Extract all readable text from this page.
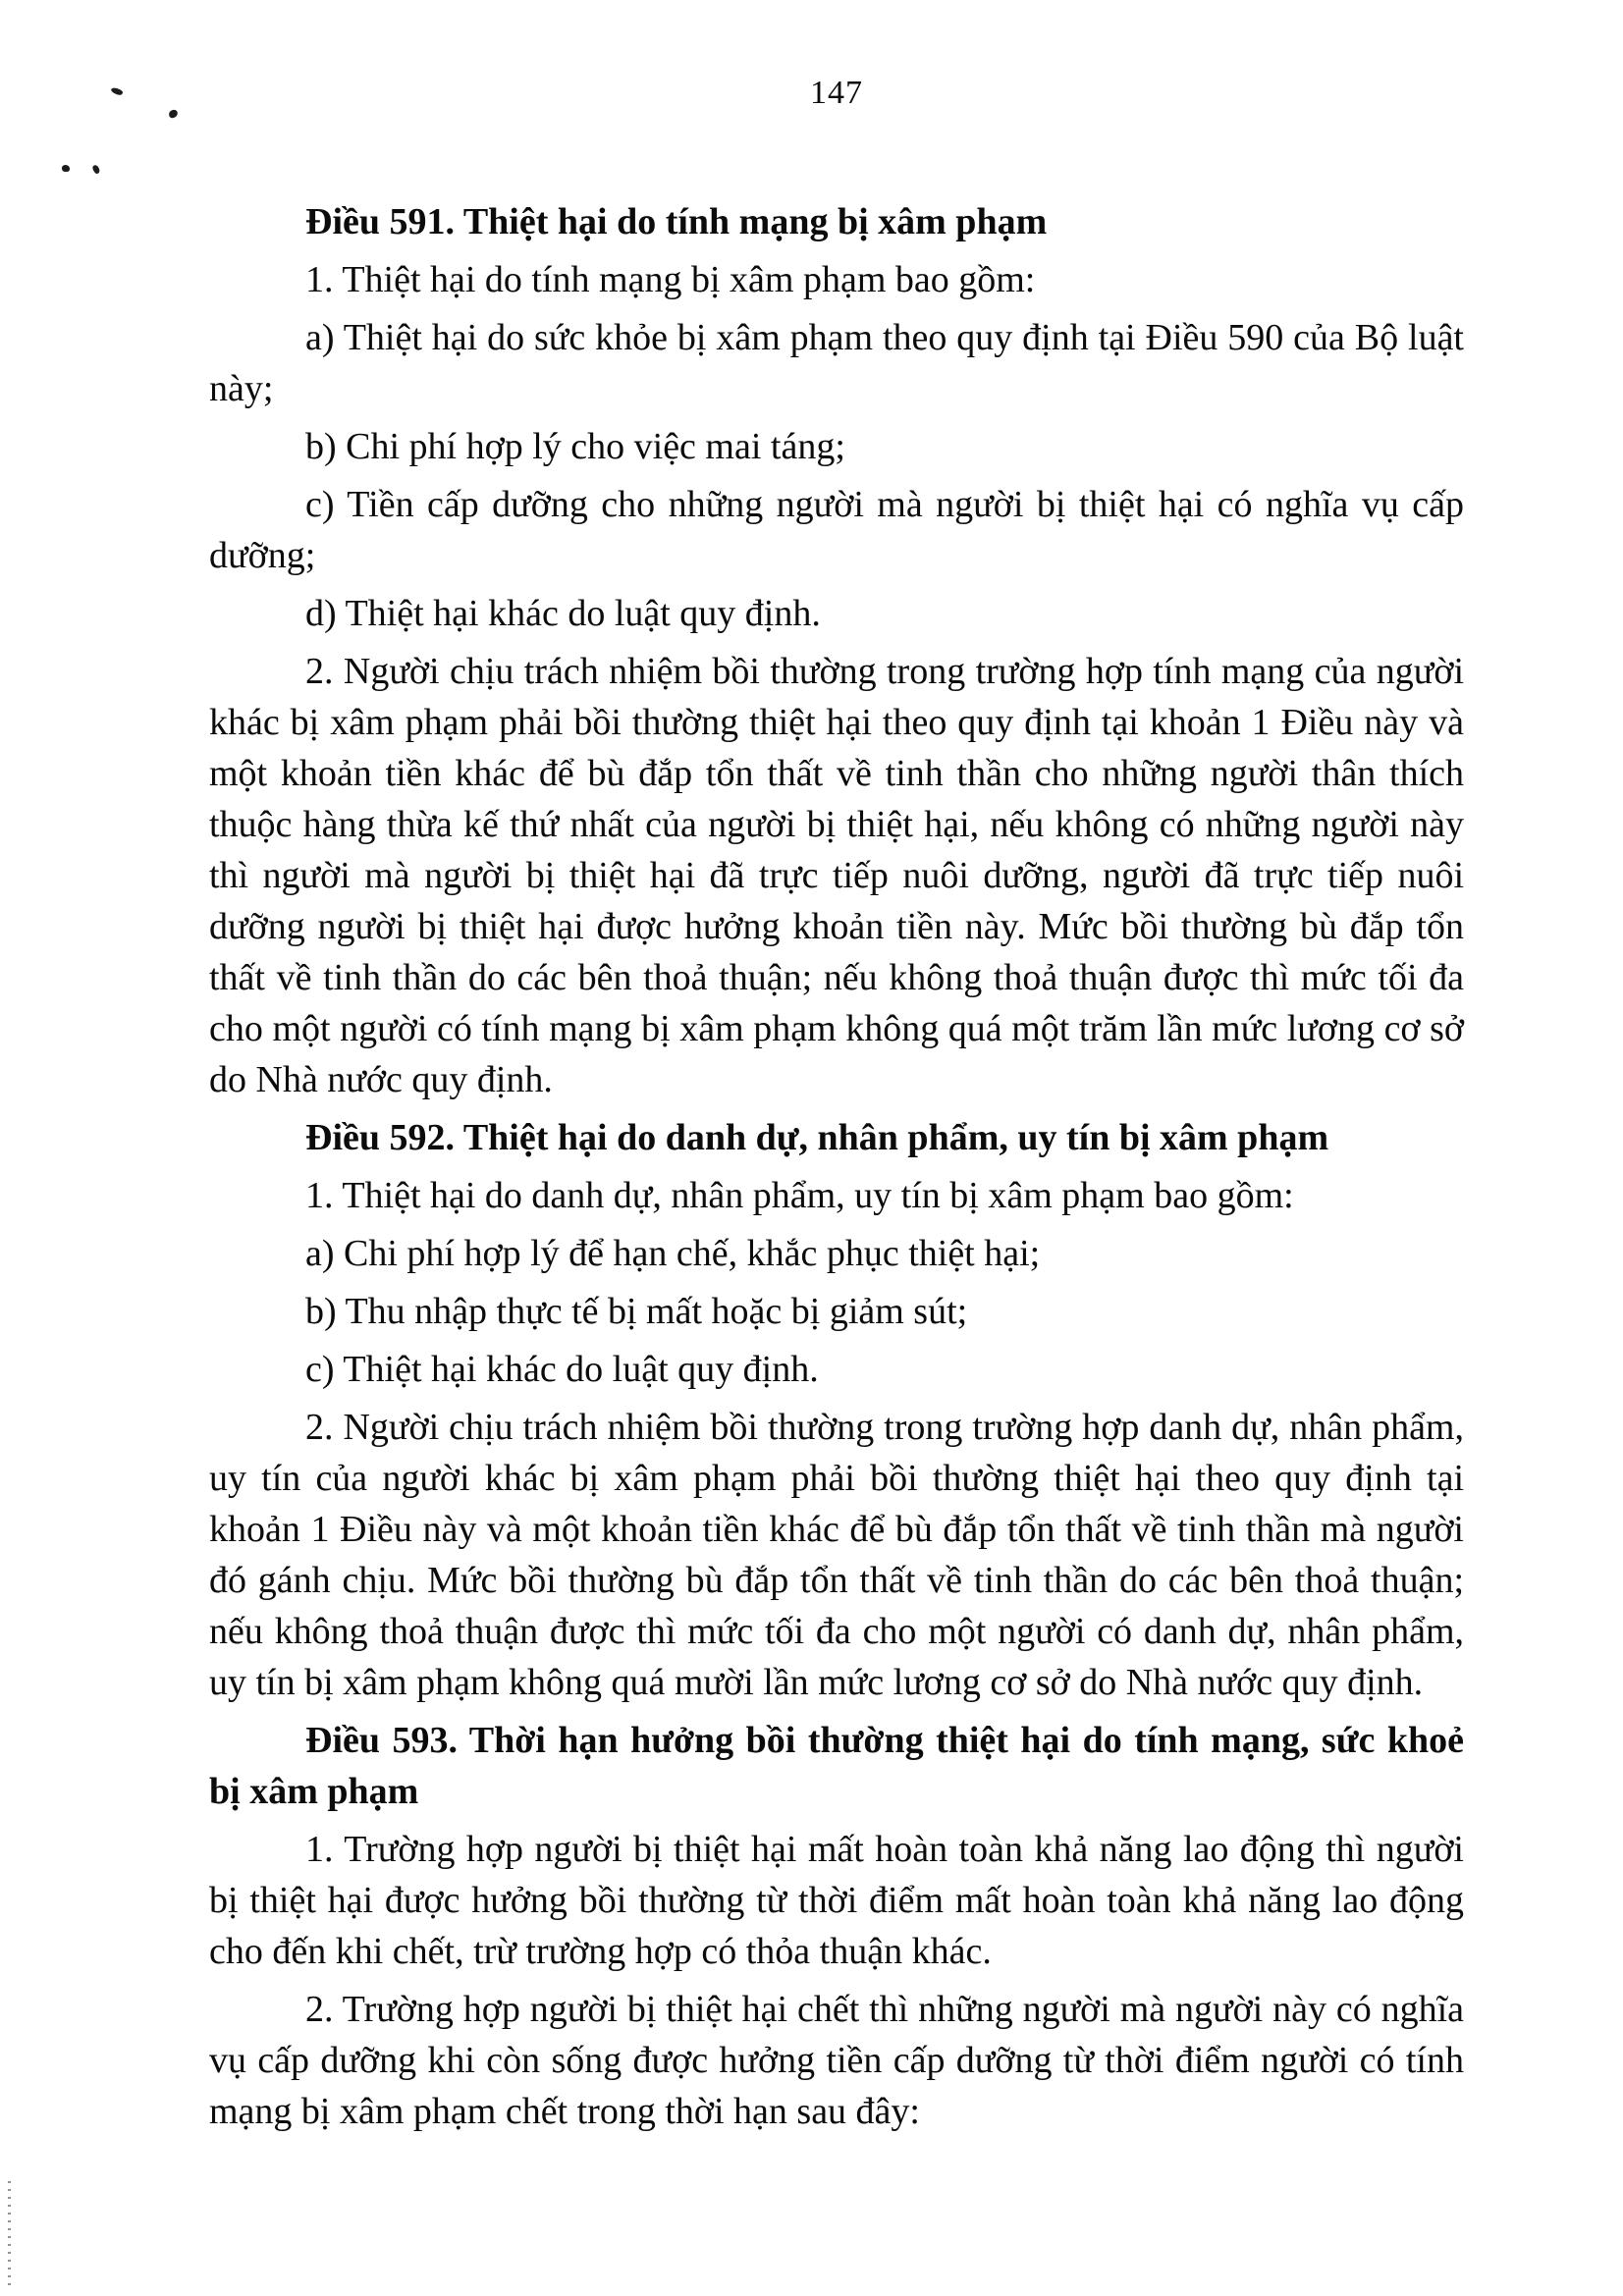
147

Điều 591. Thiệt hại do tính mạng bị xâm phạm

1. Thiệt hại do tính mạng bị xâm phạm bao gồm:

a) Thiệt hại do sức khỏe bị xâm phạm theo quy định tại Điều 590 của Bộ luật này;

b) Chi phí hợp lý cho việc mai táng;

c) Tiền cấp dưỡng cho những người mà người bị thiệt hại có nghĩa vụ cấp dưỡng;

d) Thiệt hại khác do luật quy định.

2. Người chịu trách nhiệm bồi thường trong trường hợp tính mạng của người khác bị xâm phạm phải bồi thường thiệt hại theo quy định tại khoản 1 Điều này và một khoản tiền khác để bù đắp tổn thất về tinh thần cho những người thân thích thuộc hàng thừa kế thứ nhất của người bị thiệt hại, nếu không có những người này thì người mà người bị thiệt hại đã trực tiếp nuôi dưỡng, người đã trực tiếp nuôi dưỡng người bị thiệt hại được hưởng khoản tiền này. Mức bồi thường bù đắp tổn thất về tinh thần do các bên thoả thuận; nếu không thoả thuận được thì mức tối đa cho một người có tính mạng bị xâm phạm không quá một trăm lần mức lương cơ sở do Nhà nước quy định.

Điều 592. Thiệt hại do danh dự, nhân phẩm, uy tín bị xâm phạm

1. Thiệt hại do danh dự, nhân phẩm, uy tín bị xâm phạm bao gồm:

a) Chi phí hợp lý để hạn chế, khắc phục thiệt hại;

b) Thu nhập thực tế bị mất hoặc bị giảm sút;

c) Thiệt hại khác do luật quy định.

2. Người chịu trách nhiệm bồi thường trong trường hợp danh dự, nhân phẩm, uy tín của người khác bị xâm phạm phải bồi thường thiệt hại theo quy định tại khoản 1 Điều này và một khoản tiền khác để bù đắp tổn thất về tinh thần mà người đó gánh chịu. Mức bồi thường bù đắp tổn thất về tinh thần do các bên thoả thuận; nếu không thoả thuận được thì mức tối đa cho một người có danh dự, nhân phẩm, uy tín bị xâm phạm không quá mười lần mức lương cơ sở do Nhà nước quy định.

Điều 593. Thời hạn hưởng bồi thường thiệt hại do tính mạng, sức khoẻ bị xâm phạm

1. Trường hợp người bị thiệt hại mất hoàn toàn khả năng lao động thì người bị thiệt hại được hưởng bồi thường từ thời điểm mất hoàn toàn khả năng lao động cho đến khi chết, trừ trường hợp có thỏa thuận khác.

2. Trường hợp người bị thiệt hại chết thì những người mà người này có nghĩa vụ cấp dưỡng khi còn sống được hưởng tiền cấp dưỡng từ thời điểm người có tính mạng bị xâm phạm chết trong thời hạn sau đây:
